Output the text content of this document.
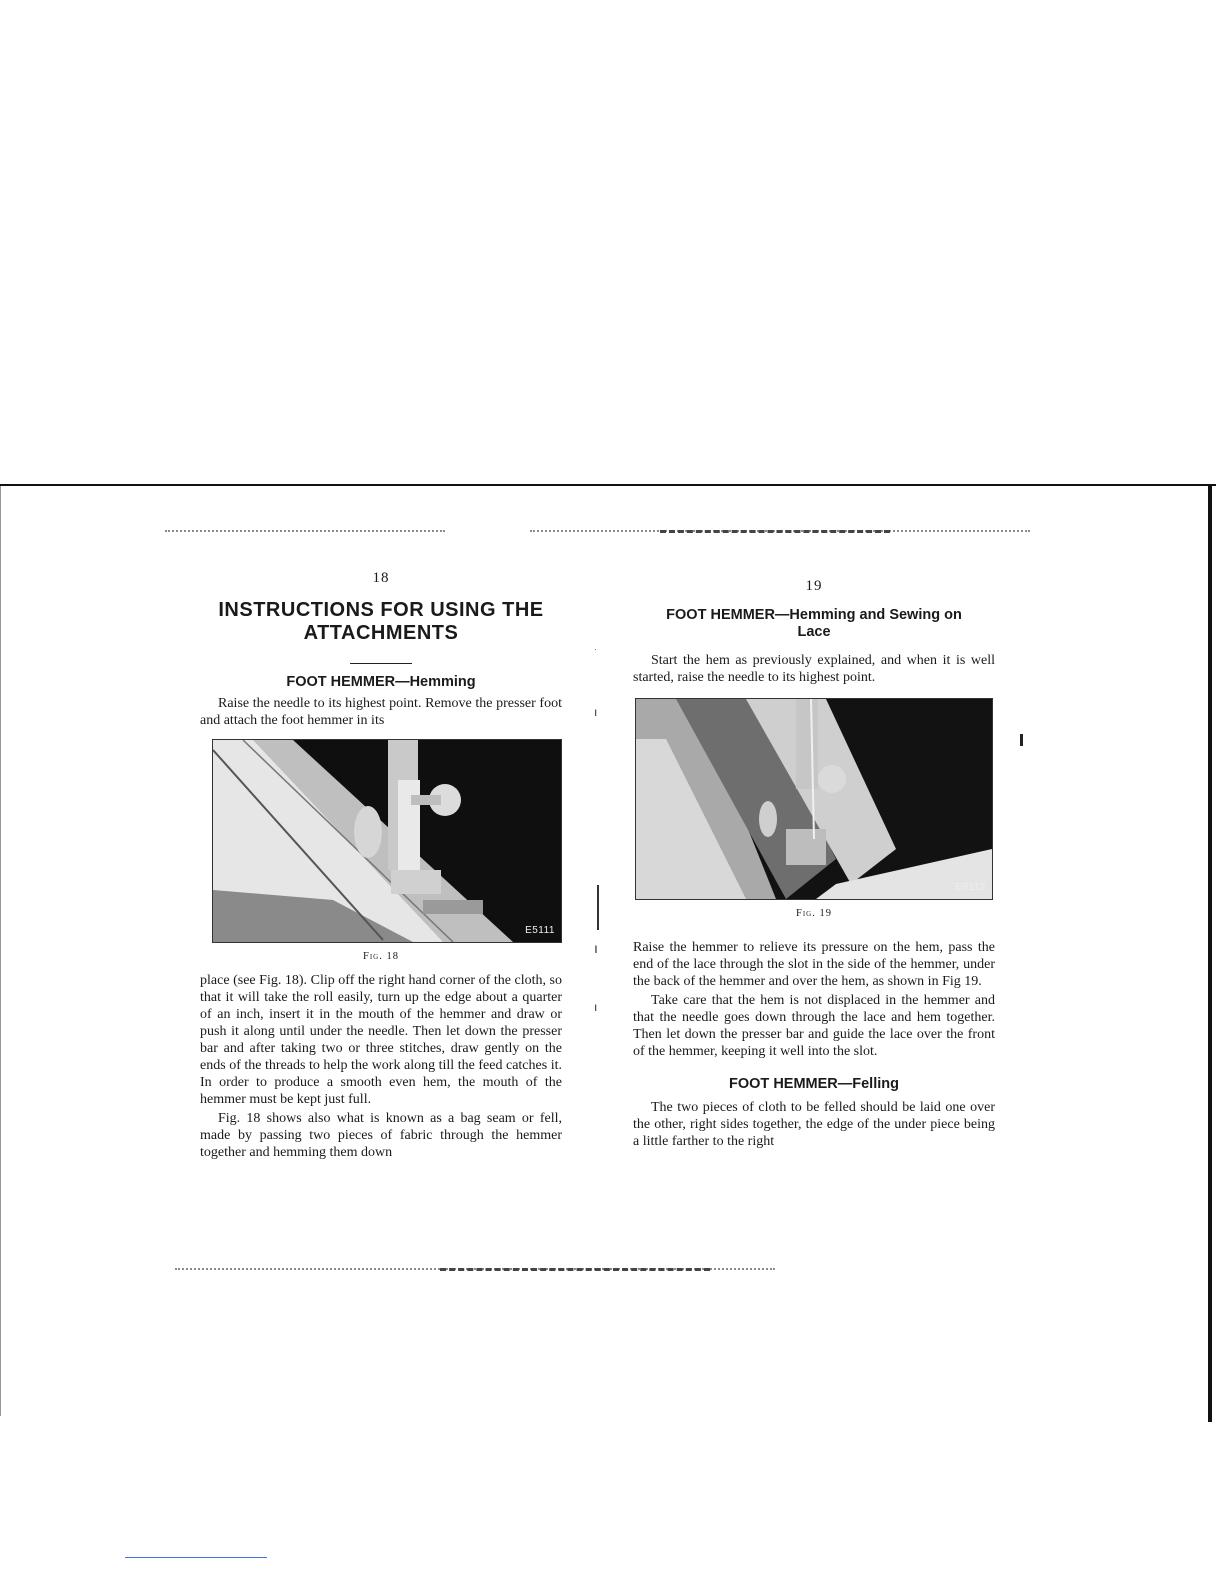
·
ı
ı
ı

18

INSTRUCTIONS FOR USING THE ATTACHMENTS
FOOT HEMMER—Hemming

Raise the needle to its highest point. Remove the presser foot and attach the foot hemmer in its

E5111

Fig. 18

place (see Fig. 18). Clip off the right hand corner of the cloth, so that it will take the roll easily, turn up the edge about a quarter of an inch, insert it in the mouth of the hemmer and draw or push it along until under the needle. Then let down the presser bar and after taking two or three stitches, draw gently on the ends of the threads to help the work along till the feed catches it. In order to produce a smooth even hem, the mouth of the hemmer must be kept just full.

Fig. 18 shows also what is known as a bag seam or fell, made by passing two pieces of fabric through the hemmer together and hemming them down

19

FOOT HEMMER—Hemming and Sewing on Lace

Start the hem as previously explained, and when it is well started, raise the needle to its highest point.

E6112

Fig. 19

Raise the hemmer to relieve its pressure on the hem, pass the end of the lace through the slot in the side of the hemmer, under the back of the hemmer and over the hem, as shown in Fig 19.

Take care that the hem is not displaced in the hemmer and that the needle goes down through the lace and hem together. Then let down the presser bar and guide the lace over the front of the hemmer, keeping it well into the slot.

FOOT HEMMER—Felling

The two pieces of cloth to be felled should be laid one over the other, right sides together, the edge of the under piece being a little farther to the right
